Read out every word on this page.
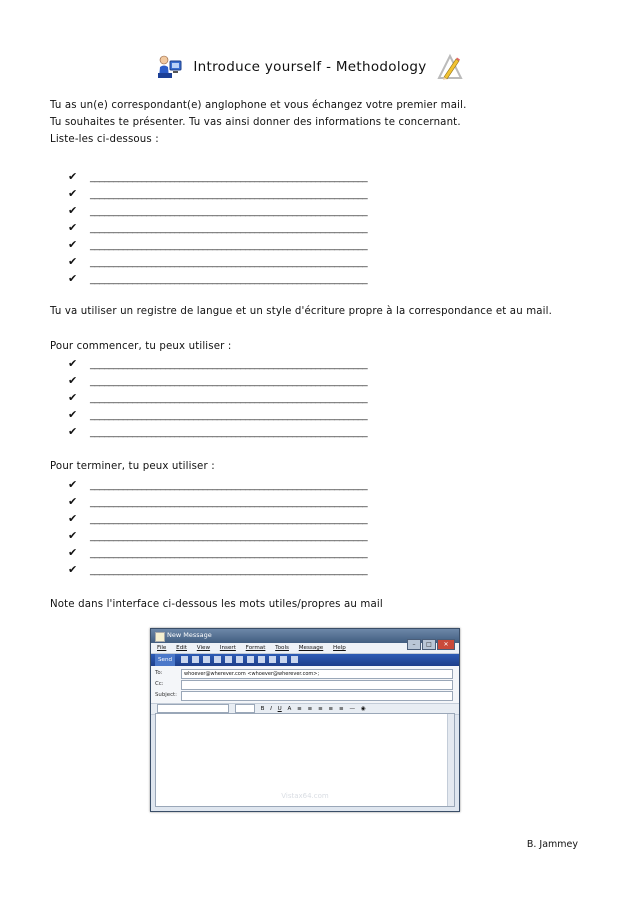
Introduce yourself - Methodology

Tu as un(e) correspondant(e) anglophone et vous échangez votre premier mail.

Tu souhaites te présenter. Tu vas ainsi donner des informations te concernant.

Liste-les ci-dessous :

✔ ___________________________________________________________
✔ ___________________________________________________________
✔ ___________________________________________________________
✔ ___________________________________________________________
✔ ___________________________________________________________
✔ ___________________________________________________________
✔ ___________________________________________________________

Tu va utiliser un registre de langue et un style d'écriture propre à la correspondance et au mail.

Pour commencer, tu peux utiliser :

✔ ___________________________________________________________
✔ ___________________________________________________________
✔ ___________________________________________________________
✔ ___________________________________________________________
✔ ___________________________________________________________

Pour terminer, tu peux utiliser :

✔ ___________________________________________________________
✔ ___________________________________________________________
✔ ___________________________________________________________
✔ ___________________________________________________________
✔ ___________________________________________________________
✔ ___________________________________________________________

Note dans l'interface ci-dessous les mots utiles/propres au mail

New Message
– □ ✕
File Edit View Insert Format Tools Message Help
Send
To:	whoever@wherever.com <whoever@wherever.com>;
Cc:
Subject:
B I U A ≡ ≡ ≡ ≡ ≡ — ◉
Vistax64.com
B. Jammey
